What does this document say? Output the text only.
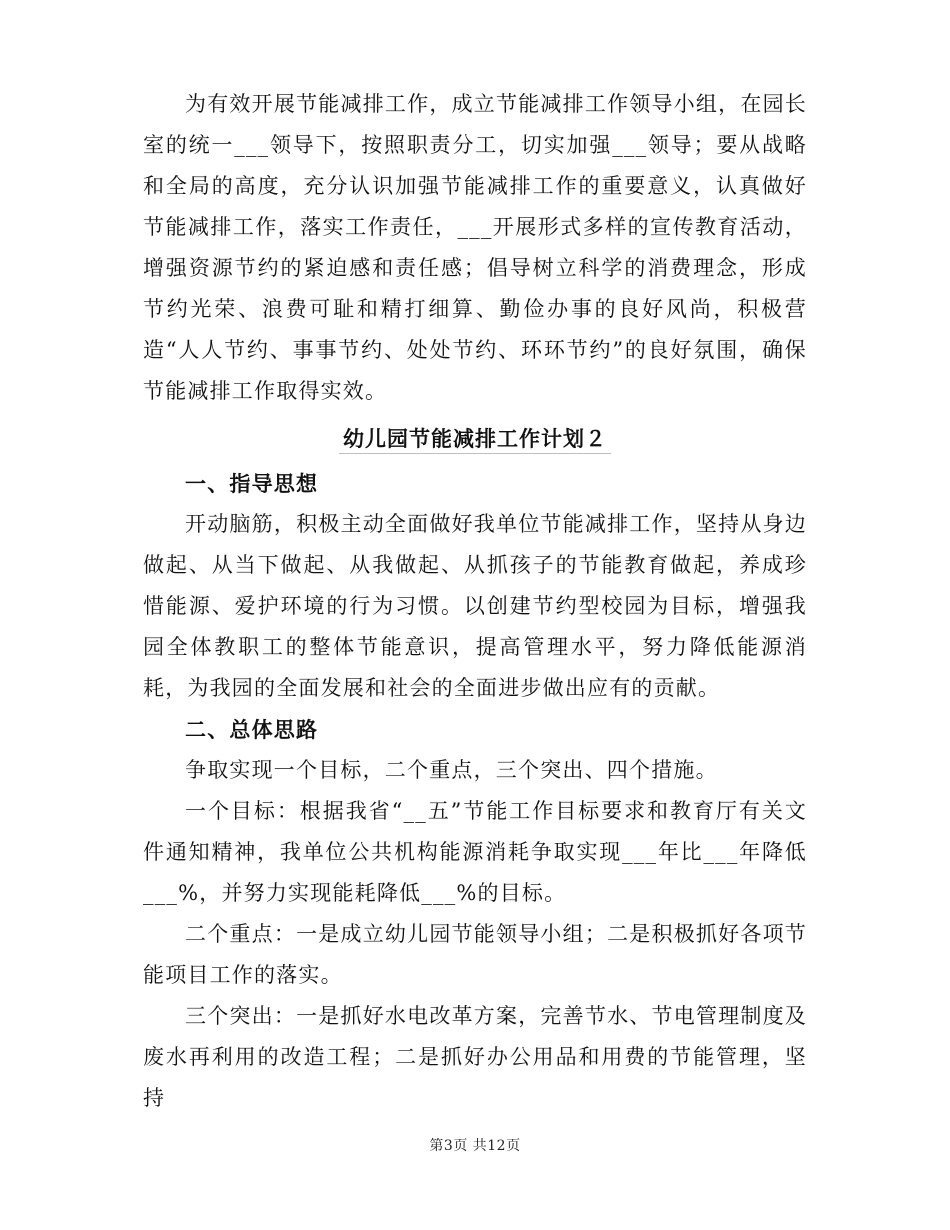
为有效开展节能减排工作，成立节能减排工作领导小组，在园长室的统一___领导下，按照职责分工，切实加强___领导；要从战略和全局的高度，充分认识加强节能减排工作的重要意义，认真做好节能减排工作，落实工作责任，___开展形式多样的宣传教育活动，增强资源节约的紧迫感和责任感；倡导树立科学的消费理念，形成节约光荣、浪费可耻和精打细算、勤俭办事的良好风尚，积极营造“人人节约、事事节约、处处节约、环环节约”的良好氛围，确保节能减排工作取得实效。

幼儿园节能减排工作计划２

一、指导思想

开动脑筋，积极主动全面做好我单位节能减排工作，坚持从身边做起、从当下做起、从我做起、从抓孩子的节能教育做起，养成珍惜能源、爱护环境的行为习惯。以创建节约型校园为目标，增强我园全体教职工的整体节能意识，提高管理水平，努力降低能源消耗，为我园的全面发展和社会的全面进步做出应有的贡献。

二、总体思路

争取实现一个目标，二个重点，三个突出、四个措施。

一个目标：根据我省“__五”节能工作目标要求和教育厅有关文件通知精神，我单位公共机构能源消耗争取实现___年比___年降低___%，并努力实现能耗降低___%的目标。

二个重点：一是成立幼儿园节能领导小组；二是积极抓好各项节能项目工作的落实。

三个突出：一是抓好水电改革方案，完善节水、节电管理制度及废水再利用的改造工程；二是抓好办公用品和用费的节能管理，坚持

第3页 共12页
